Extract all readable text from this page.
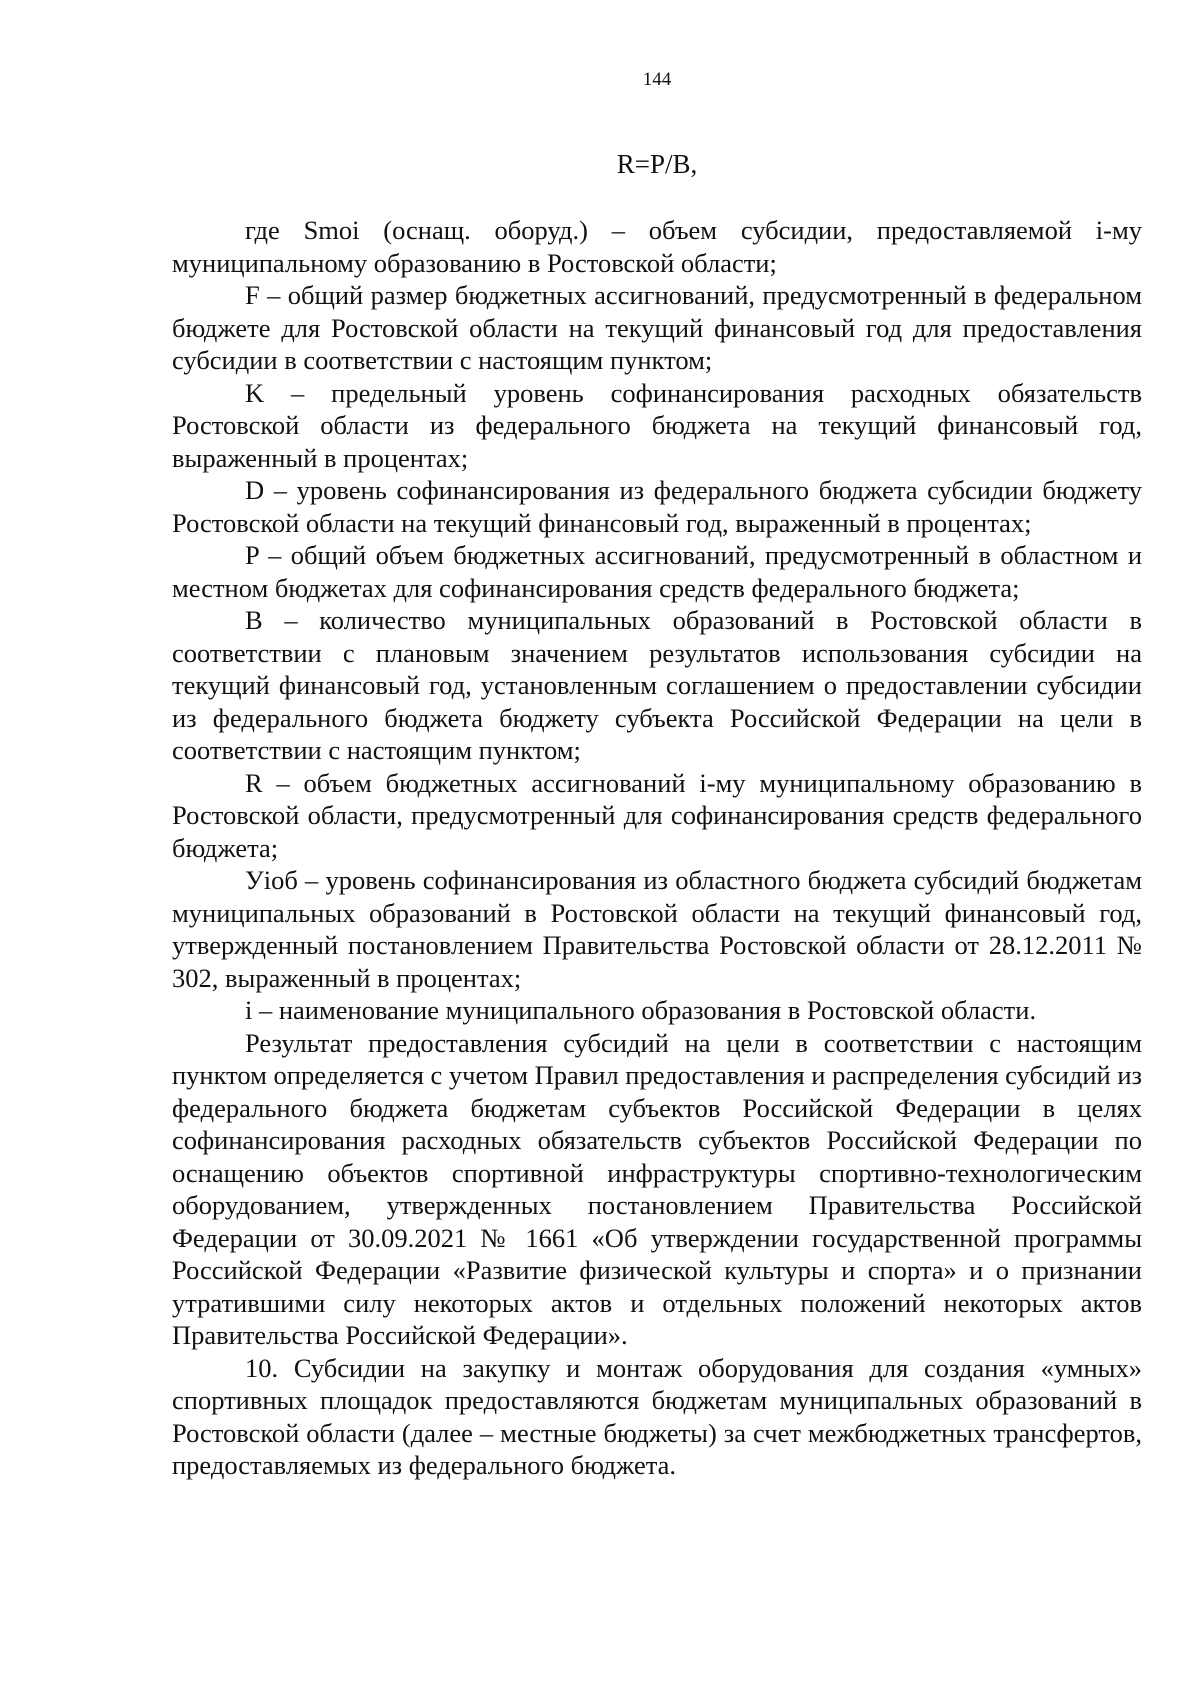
144
R=P/B,

где Smoi (оснащ. оборуд.) – объем субсидии, предоставляемой i-му муниципальному образованию в Ростовской области;

F – общий размер бюджетных ассигнований, предусмотренный в федеральном бюджете для Ростовской области на текущий финансовый год для предоставления субсидии в соответствии с настоящим пунктом;

K – предельный уровень софинансирования расходных обязательств Ростовской области из федерального бюджета на текущий финансовый год, выраженный в процентах;

D – уровень софинансирования из федерального бюджета субсидии бюджету Ростовской области на текущий финансовый год, выраженный в процентах;

P – общий объем бюджетных ассигнований, предусмотренный в областном и местном бюджетах для софинансирования средств федерального бюджета;

B – количество муниципальных образований в Ростовской области в соответствии с плановым значением результатов использования субсидии на текущий финансовый год, установленным соглашением о предоставлении субсидии из федерального бюджета бюджету субъекта Российской Федерации на цели в соответствии с настоящим пунктом;

R – объем бюджетных ассигнований i-му муниципальному образованию в Ростовской области, предусмотренный для софинансирования средств федерального бюджета;

Уioб – уровень софинансирования из областного бюджета субсидий бюджетам муниципальных образований в Ростовской области на текущий финансовый год, утвержденный постановлением Правительства Ростовской области от 28.12.2011 № 302, выраженный в процентах;

i – наименование муниципального образования в Ростовской области.

Результат предоставления субсидий на цели в соответствии с настоящим пунктом определяется с учетом Правил предоставления и распределения субсидий из федерального бюджета бюджетам субъектов Российской Федерации в целях софинансирования расходных обязательств субъектов Российской Федерации по оснащению объектов спортивной инфраструктуры спортивно-технологическим оборудованием, утвержденных постановлением Правительства Российской Федерации от 30.09.2021 № 1661 «Об утверждении государственной программы Российской Федерации «Развитие физической культуры и спорта» и о признании утратившими силу некоторых актов и отдельных положений некоторых актов Правительства Российской Федерации».

10. Субсидии на закупку и монтаж оборудования для создания «умных» спортивных площадок предоставляются бюджетам муниципальных образований в Ростовской области (далее – местные бюджеты) за счет межбюджетных трансфертов, предоставляемых из федерального бюджета.
